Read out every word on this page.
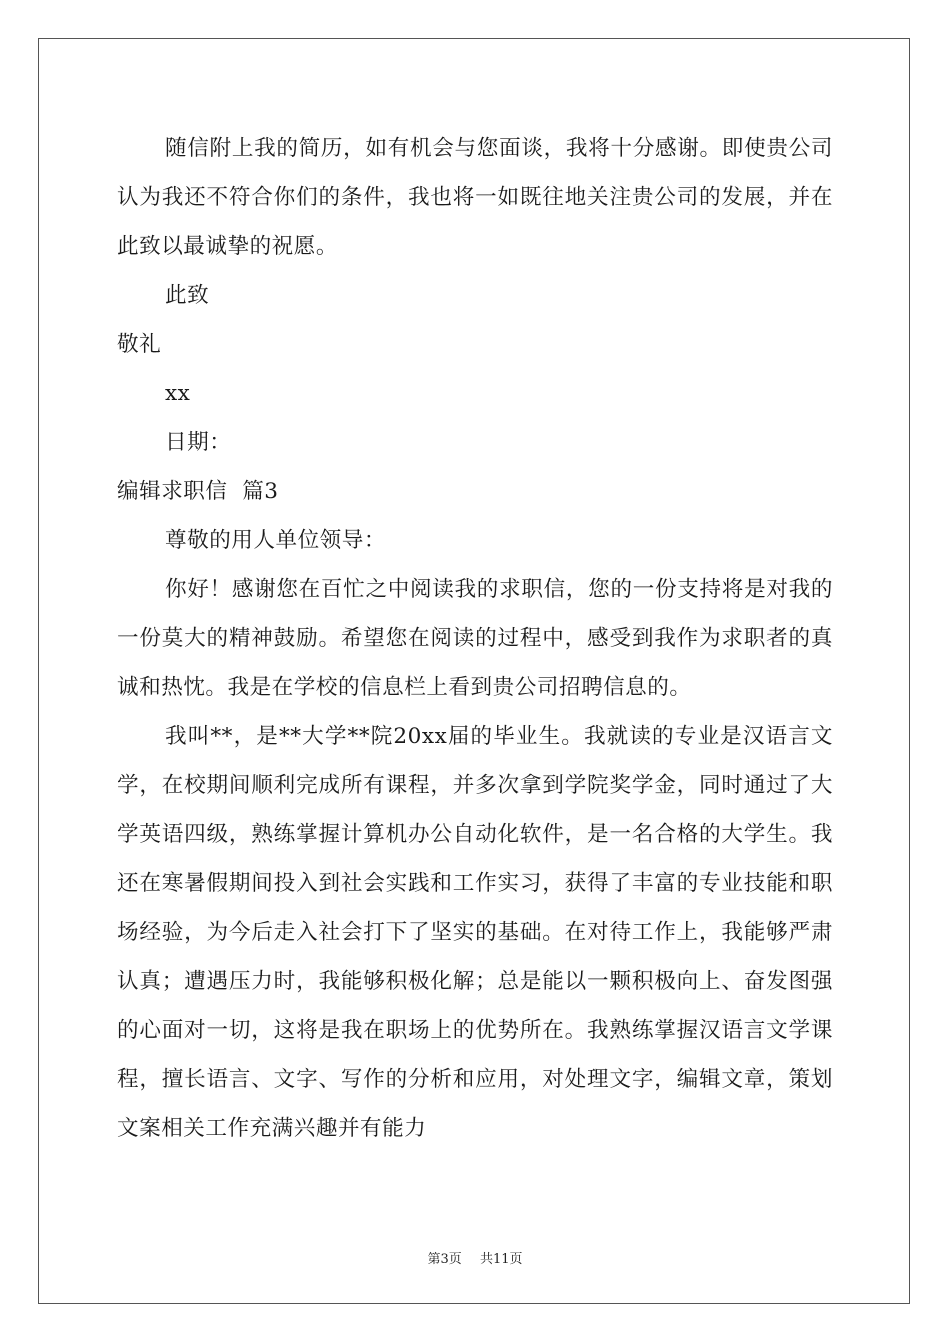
随信附上我的简历，如有机会与您面谈，我将十分感谢。即使贵公司认为我还不符合你们的条件，我也将一如既往地关注贵公司的发展，并在此致以最诚挚的祝愿。

此致

敬礼

xx

日期：

编辑求职信  篇3

尊敬的用人单位领导：

你好！感谢您在百忙之中阅读我的求职信，您的一份支持将是对我的一份莫大的精神鼓励。希望您在阅读的过程中，感受到我作为求职者的真诚和热忱。我是在学校的信息栏上看到贵公司招聘信息的。

我叫**，是**大学**院20xx届的毕业生。我就读的专业是汉语言文学，在校期间顺利完成所有课程，并多次拿到学院奖学金，同时通过了大学英语四级，熟练掌握计算机办公自动化软件，是一名合格的大学生。我还在寒暑假期间投入到社会实践和工作实习，获得了丰富的专业技能和职场经验，为今后走入社会打下了坚实的基础。在对待工作上，我能够严肃认真；遭遇压力时，我能够积极化解；总是能以一颗积极向上、奋发图强的心面对一切，这将是我在职场上的优势所在。我熟练掌握汉语言文学课程，擅长语言、文字、写作的分析和应用，对处理文字，编辑文章，策划文案相关工作充满兴趣并有能力

第3页 共11页
